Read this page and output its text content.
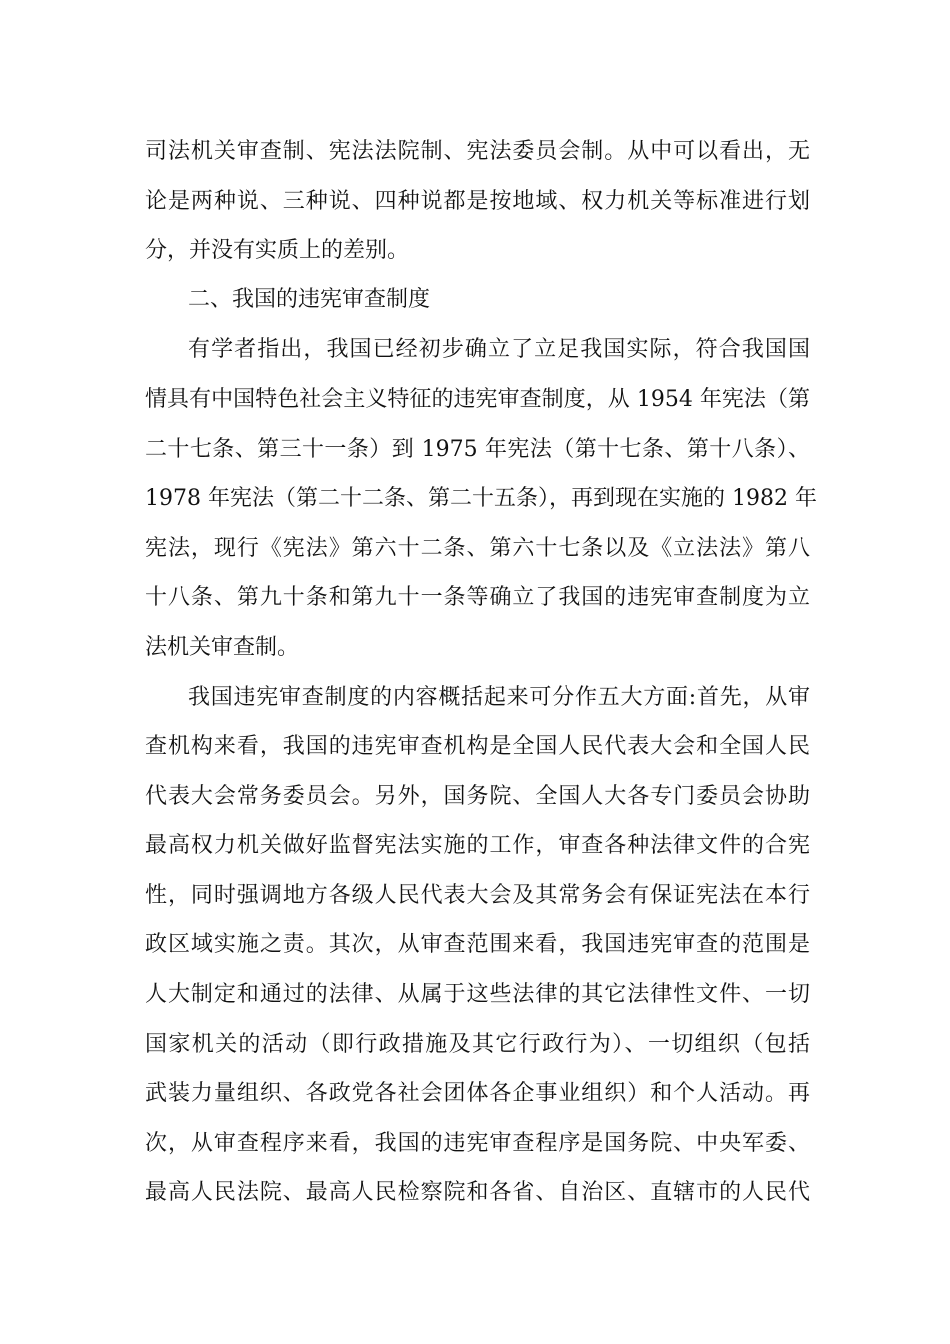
司法机关审查制、宪法法院制、宪法委员会制。从中可以看出，无
论是两种说、三种说、四种说都是按地域、权力机关等标准进行划
分，并没有实质上的差别。
二、我国的违宪审查制度
有学者指出，我国已经初步确立了立足我国实际，符合我国国
情具有中国特色社会主义特征的违宪审查制度，从 1954 年宪法（第
二十七条、第三十一条）到 1975 年宪法（第十七条、第十八条）、
1978 年宪法（第二十二条、第二十五条），再到现在实施的 1982 年
宪法，现行《宪法》第六十二条、第六十七条以及《立法法》第八
十八条、第九十条和第九十一条等确立了我国的违宪审查制度为立
法机关审查制。
我国违宪审查制度的内容概括起来可分作五大方面:首先，从审
查机构来看，我国的违宪审查机构是全国人民代表大会和全国人民
代表大会常务委员会。另外，国务院、全国人大各专门委员会协助
最高权力机关做好监督宪法实施的工作，审查各种法律文件的合宪
性，同时强调地方各级人民代表大会及其常务会有保证宪法在本行
政区域实施之责。其次，从审查范围来看，我国违宪审查的范围是
人大制定和通过的法律、从属于这些法律的其它法律性文件、一切
国家机关的活动（即行政措施及其它行政行为）、一切组织（包括
武装力量组织、各政党各社会团体各企事业组织）和个人活动。再
次，从审查程序来看，我国的违宪审查程序是国务院、中央军委、
最高人民法院、最高人民检察院和各省、自治区、直辖市的人民代
